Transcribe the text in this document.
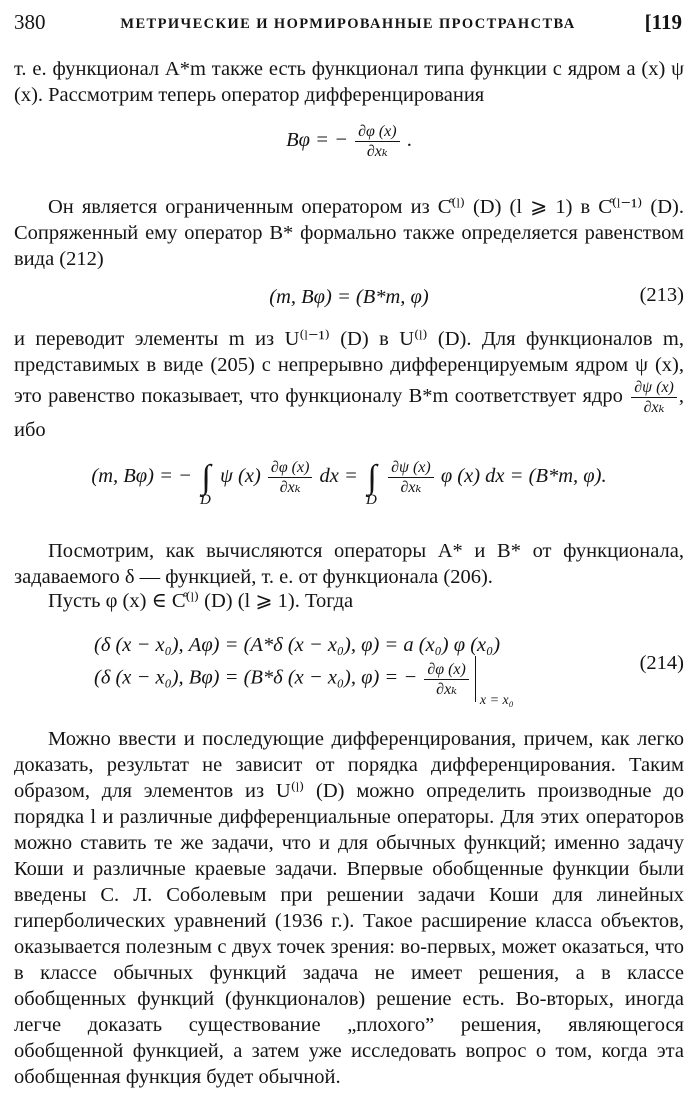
380	МЕТРИЧЕСКИЕ И НОРМИРОВАННЫЕ ПРОСТРАНСТВА	[119

т. е. функционал A*m также есть функционал типа функции с ядром a (x) ψ (x). Рассмотрим теперь оператор дифференцирования

Bφ = − $\frac{\partial\varphi (x)}{\text{∂xₖ}}$ .

Он является ограниченным оператором из C̊⁽ˡ⁾ (D) (l ⩾ 1) в C̊⁽ˡ⁻¹⁾ (D). Сопряженный ему оператор B* формально также определяется равенством вида (212)

(m, Bφ) = (B*m, φ)	(213)

и переводит элементы m из U⁽ˡ⁻¹⁾ (D) в U⁽ˡ⁾ (D). Для функционалов m, представимых в виде (205) с непрерывно дифференцируемым ядром ψ (x), это равенство показывает, что функционалу B*m соответствует ядро $\frac{\partial\psi (x)}{\text{∂xₖ}}$ , ибо

(m, Bφ) = − ∫
D
ψ $(x) \frac{\partial\varphi (x)}{\text{∂xₖ}}$ dx = ∫
D

$\frac{\partial\psi (x)}{\text{∂xₖ}}$ φ (x) dx = (B*m, φ).

Посмотрим, как вычисляются операторы A* и B* от функционала, задаваемого δ — функцией, т. е. от функционала (206).

Пусть φ (x) ∈ C̊⁽ˡ⁾ (D) (l ⩾ 1). Тогда

(δ (x − x₀), Aφ) = (A*δ (x − x₀), φ) = a (x₀) φ (x₀)
(δ (x − x₀), Bφ) = (B*δ (x − x₀), φ) = − $\frac{\partial\varphi (x)}{\text{∂xₖ}}$
x = x₀
(214)

Можно ввести и последующие дифференцирования, причем, как легко доказать, результат не зависит от порядка дифференцирования. Таким образом, для элементов из U⁽ˡ⁾ (D) можно определить производные до порядка l и различные дифференциальные операторы. Для этих операторов можно ставить те же задачи, что и для обычных функций; именно задачу Коши и различные краевые задачи. Впервые обобщенные функции были введены С. Л. Соболевым при решении задачи Коши для линейных гиперболических уравнений (1936 г.). Такое расширение класса объектов, оказывается полезным с двух точек зрения: во-первых, может оказаться, что в классе обычных функций задача не имеет решения, а в классе обобщенных функций (функционалов) решение есть. Во-вторых, иногда легче доказать существование „плохого” решения, являющегося обобщенной функцией, а затем уже исследовать вопрос о том, когда эта обобщенная функция будет обычной.
